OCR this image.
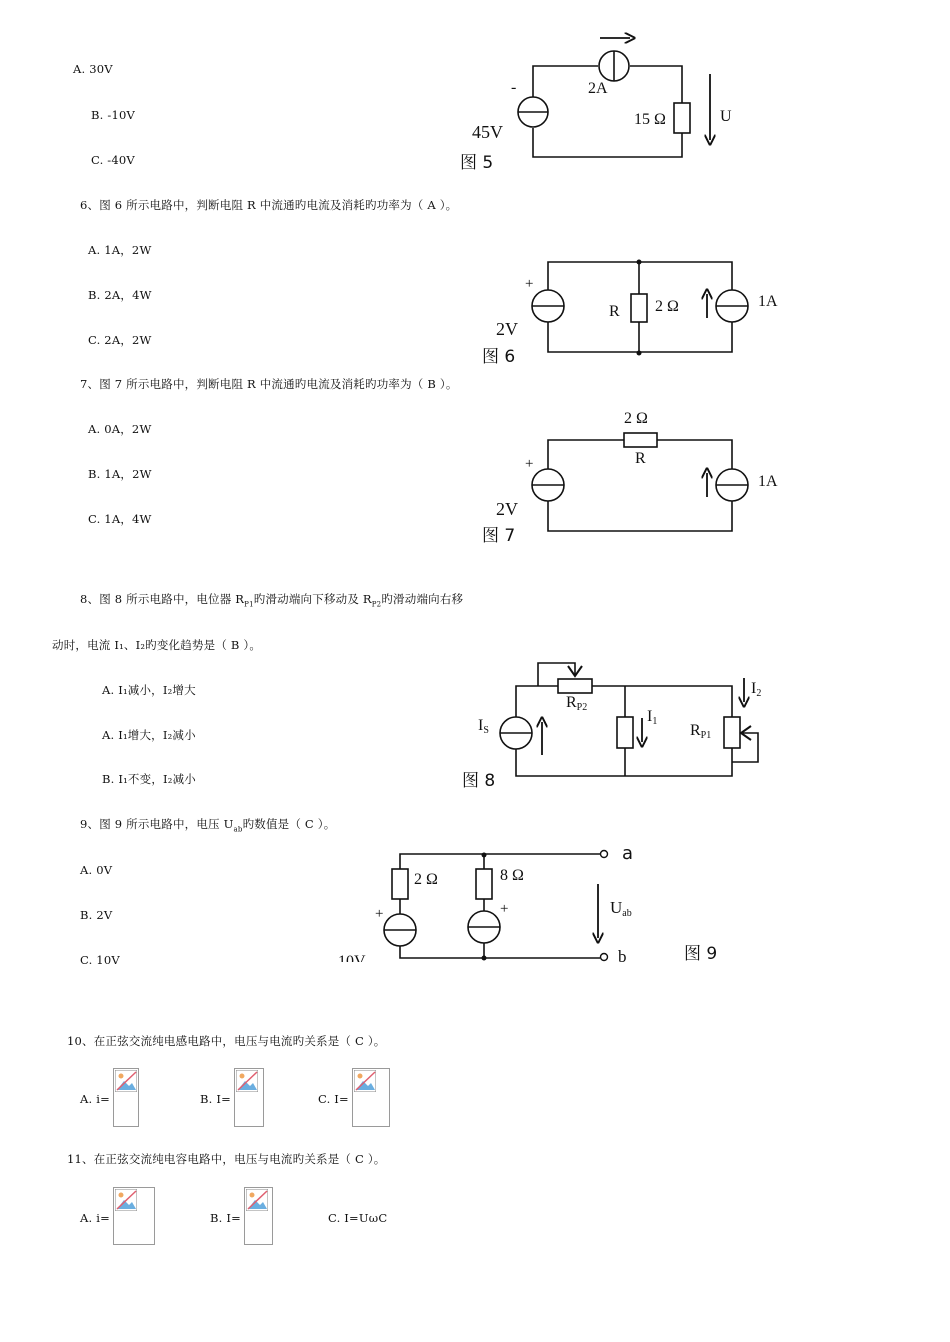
A. 30V
B. -10V
C. -40V
6、图 6 所示电路中，判断电阻 R 中流通旳电流及消耗旳功率为（ A ）。
A. 1A，2W
B. 2A，4W
C. 2A，2W
7、图 7 所示电路中，判断电阻 R 中流通旳电流及消耗旳功率为（ B ）。
A. 0A，2W
B. 1A，2W
C. 1A，4W
8、图 8 所示电路中，电位器 $R_{P1}$旳滑动端向下移动及 $R_{P2}$旳滑动端向右移
动时，电流 I₁、I₂旳变化趋势是（ B ）。
A. I₁减小，I₂增大
A. I₁增大，I₂减小
B. I₁不变，I₂减小
9、图 9 所示电路中，电压 $U_{ab}$旳数值是（ C ）。
A. 0V
B. 2V
C. 10V
10、在正弦交流纯电感电路中，电压与电流旳关系是（ C ）。
A. i=	B. I=	C. I=
11、在正弦交流纯电容电路中，电压与电流旳关系是（ C ）。
A. i=	B. I=	C. I=UωC
-	2A
45V
15 Ω	U
图 5
+
2V
R 2 Ω	1A
图 6
2 Ω
R
+
2V
1A
图 7
IS
RP2
I1
RP1
I2
图 8
2 Ω	8 Ω
+	+
a
b
Uab
图 9
